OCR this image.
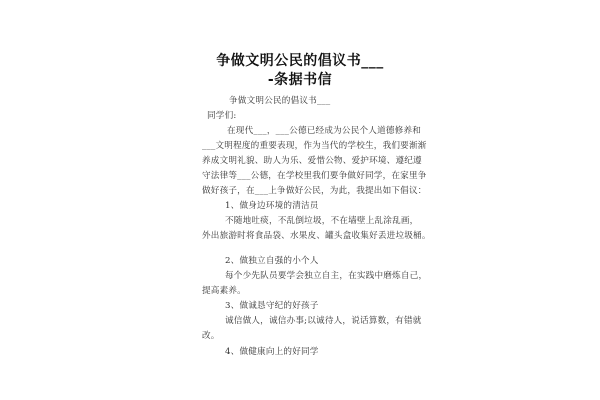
争做文明公民的倡议书___
-条据书信
争做文明公民的倡议书___
同学们:
在现代___，___公德已经成为公民个人道德修养和
___文明程度的重要表现，作为当代的学校生，我们要渐渐
养成文明礼貌、助人为乐、爱惜公物、爱护环境、遵纪遵
守法律等___公德，在学校里我们要争做好同学，在家里争
做好孩子，在___上争做好公民，为此，我提出如下倡议：
1、做身边环境的清洁员
不随地吐痰，不乱倒垃圾，不在墙壁上乱涂乱画，
外出旅游时将食品袋、水果皮、罐头盒收集好丢进垃圾桶。
2、做独立自强的小个人
每个少先队员要学会独立自主，在实践中磨炼自己，
提高素养。
3、做诚恳守纪的好孩子
诚信做人，诚信办事;以诚待人，说话算数，有错就
改。
4、做健康向上的好同学
